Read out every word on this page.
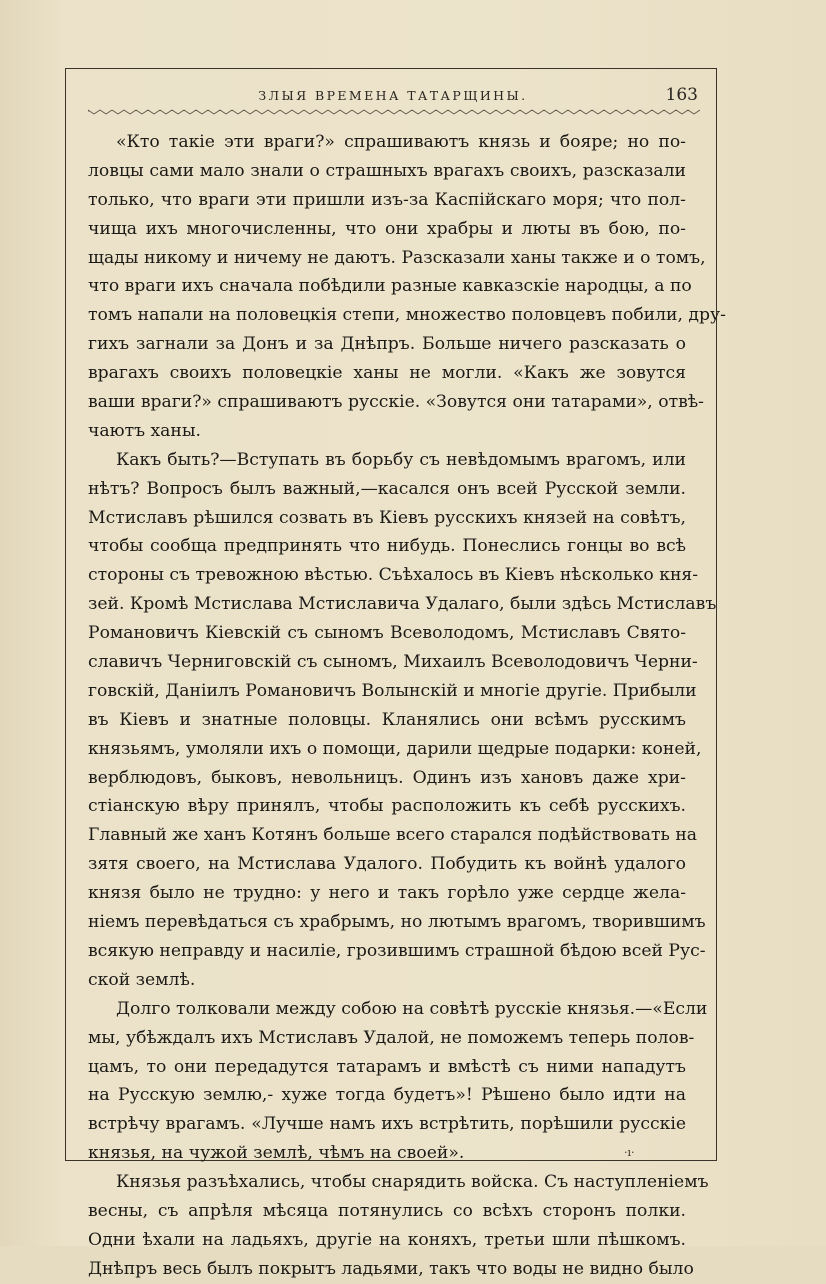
ЗЛЫЯ ВРЕМЕНА ТАТАРЩИНЫ.	163
«Кто такіе эти враги?» спрашиваютъ князь и бояре; но по-
ловцы сами мало знали о страшныхъ врагахъ своихъ, разсказали
только, что враги эти пришли изъ-за Каспійскаго моря; что пол-
чища ихъ многочисленны, что они храбры и люты въ бою, по-
щады никому и ничему не даютъ. Разсказали ханы также и о томъ,
что враги ихъ сначала побѣдили разные кавказскіе народцы, а по
томъ напали на половецкія степи, множество половцевъ побили, дру-
гихъ загнали за Донъ и за Днѣпръ. Больше ничего разсказать о
врагахъ своихъ половецкіе ханы не могли. «Какъ же зовутся
ваши враги?» спрашиваютъ русскіе. «Зовутся они татарами», отвѣ-
чаютъ ханы.
Какъ быть?—Вступать въ борьбу съ невѣдомымъ врагомъ, или
нѣтъ? Вопросъ былъ важный,—касался онъ всей Русской земли.
Мстиславъ рѣшился созвать въ Кіевъ русскихъ князей на совѣтъ,
чтобы сообща предпринять что нибудь. Понеслись гонцы во всѣ
стороны съ тревожною вѣстью. Съѣхалось въ Кіевъ нѣсколько кня-
зей. Кромѣ Мстислава Мстиславича Удалаго, были здѣсь Мстиславъ
Романовичъ Кіевскій съ сыномъ Всеволодомъ, Мстиславъ Свято-
славичъ Черниговскій съ сыномъ, Михаилъ Всеволодовичъ Черни-
говскій, Даніилъ Романовичъ Волынскій и многіе другіе. Прибыли
въ Кіевъ и знатные половцы. Кланялись они всѣмъ русскимъ
князьямъ, умоляли ихъ о помощи, дарили щедрые подарки: коней,
верблюдовъ, быковъ, невольницъ. Одинъ изъ хановъ даже хри-
стіанскую вѣру принялъ, чтобы расположить къ себѣ русскихъ.
Главный же ханъ Котянъ больше всего старался подѣйствовать на
зятя своего, на Мстислава Удалого. Побудить къ войнѣ удалого
князя было не трудно: у него и такъ горѣло уже сердце жела-
ніемъ перевѣдаться съ храбрымъ, но лютымъ врагомъ, творившимъ
всякую неправду и насиліе, грозившимъ страшной бѣдою всей Рус-
ской землѣ.
Долго толковали между собою на совѣтѣ русскіе князья.—«Если
мы, убѣждалъ ихъ Мстиславъ Удалой, не поможемъ теперь полов-
цамъ, то они передадутся татарамъ и вмѣстѣ съ ними нападутъ
на Русскую землю,- хуже тогда будетъ»! Рѣшено было идти на
встрѣчу врагамъ. «Лучше намъ ихъ встрѣтить, порѣшили русскіе
князья, на чужой землѣ, чѣмъ на своей».
Князья разъѣхались, чтобы снарядить войска. Съ наступленіемъ
весны, съ апрѣля мѣсяца потянулись со всѣхъ сторонъ полки.
Одни ѣхали на ладьяхъ, другіе на коняхъ, третьи шли пѣшкомъ.
Днѣпръ весь былъ покрытъ ладьями, такъ что воды не видно было
·ı·
